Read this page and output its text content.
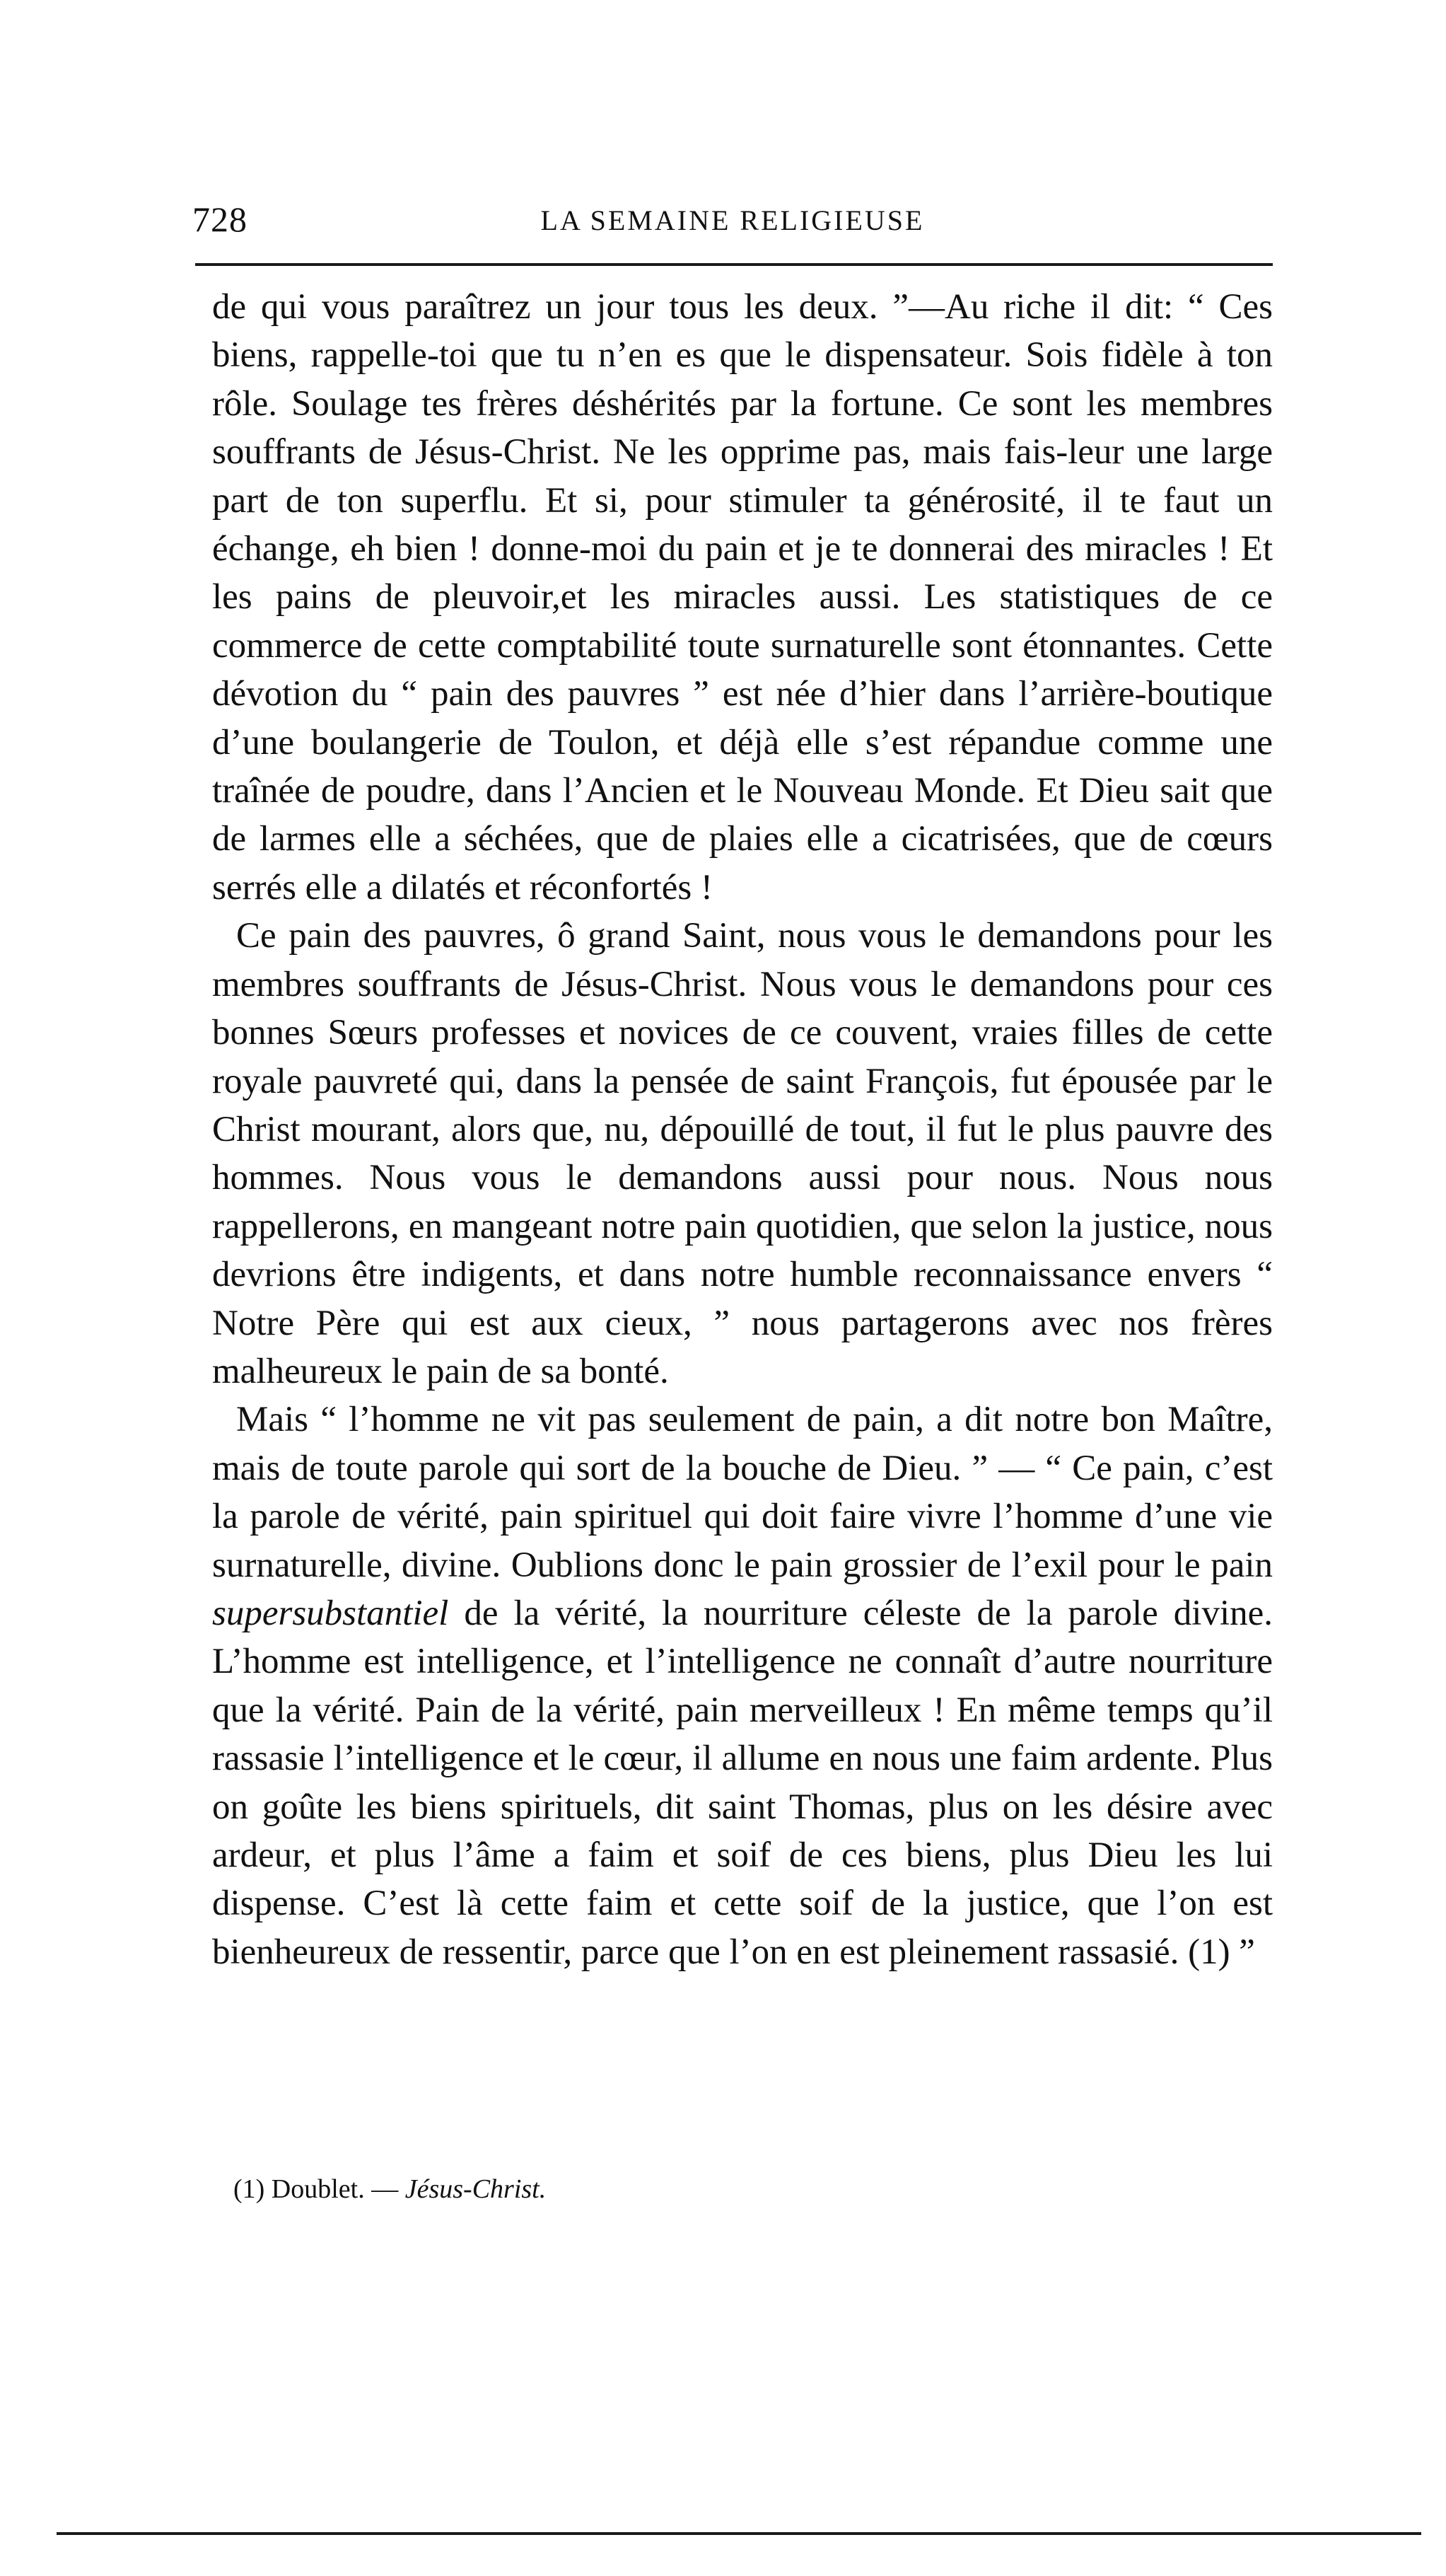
728	LA SEMAINE RELIGIEUSE

de qui vous paraîtrez un jour tous les deux. ”—Au riche il dit: “ Ces biens, rappelle-toi que tu n’en es que le dispensateur. Sois fidèle à ton rôle. Soulage tes frères déshérités par la fortune. Ce sont les membres souffrants de Jésus-Christ. Ne les opprime pas, mais fais-leur une large part de ton superflu. Et si, pour stimuler ta générosité, il te faut un échange, eh bien ! donne-moi du pain et je te donnerai des miracles ! Et les pains de pleuvoir,et les miracles aussi. Les statistiques de ce commerce de cette comptabilité toute surnaturelle sont étonnantes. Cette dévotion du “ pain des pauvres ” est née d’hier dans l’arrière-boutique d’une boulangerie de Toulon, et déjà elle s’est répandue comme une traînée de poudre, dans l’Ancien et le Nouveau Monde. Et Dieu sait que de larmes elle a séchées, que de plaies elle a cicatrisées, que de cœurs serrés elle a dilatés et réconfortés !

Ce pain des pauvres, ô grand Saint, nous vous le demandons pour les membres souffrants de Jésus-Christ. Nous vous le demandons pour ces bonnes Sœurs professes et novices de ce couvent, vraies filles de cette royale pauvreté qui, dans la pensée de saint François, fut épousée par le Christ mourant, alors que, nu, dépouillé de tout, il fut le plus pauvre des hommes. Nous vous le demandons aussi pour nous. Nous nous rappellerons, en mangeant notre pain quotidien, que selon la justice, nous devrions être indigents, et dans notre humble reconnaissance envers “ Notre Père qui est aux cieux, ” nous partagerons avec nos frères malheureux le pain de sa bonté.

Mais “ l’homme ne vit pas seulement de pain, a dit notre bon Maître, mais de toute parole qui sort de la bouche de Dieu. ” — “ Ce pain, c’est la parole de vérité, pain spirituel qui doit faire vivre l’homme d’une vie surnaturelle, divine. Oublions donc le pain grossier de l’exil pour le pain supersubstantiel de la vérité, la nourriture céleste de la parole divine. L’homme est intelligence, et l’intelligence ne connaît d’autre nourriture que la vérité. Pain de la vérité, pain merveilleux ! En même temps qu’il rassasie l’intelligence et le cœur, il allume en nous une faim ardente. Plus on goûte les biens spirituels, dit saint Thomas, plus on les désire avec ardeur, et plus l’âme a faim et soif de ces biens, plus Dieu les lui dispense. C’est là cette faim et cette soif de la justice, que l’on est bienheureux de ressentir, parce que l’on en est pleinement rassasié. (1) ”

(1) Doublet. — Jésus-Christ.
